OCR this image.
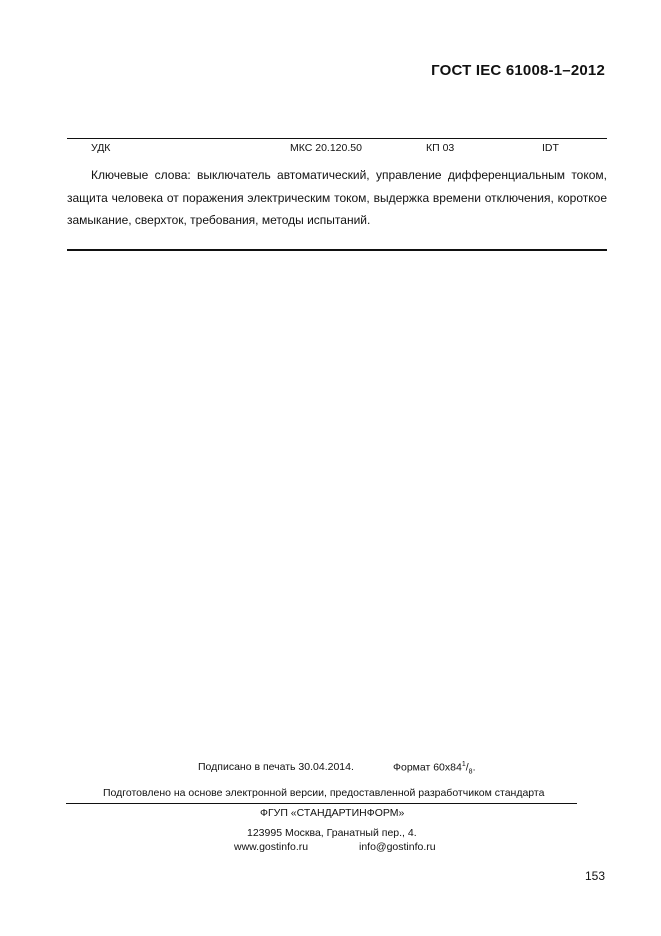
ГОСТ IEC 61008-1–2012
УДК	МКС 20.120.50	КП 03	IDT

Ключевые слова: выключатель автоматический, управление дифференциальным током, защита человека от поражения электрическим током, выдержка времени отключения, короткое замыкание, сверхток, требования, методы испытаний.

Подписано в печать 30.04.2014.	Формат $60х84^1/_8$.
Подготовлено на основе электронной версии, предоставленной разработчиком стандарта
ФГУП «СТАНДАРТИНФОРМ»
123995 Москва, Гранатный пер., 4.
www.gostinfo.ru	info@gostinfo.ru
153
